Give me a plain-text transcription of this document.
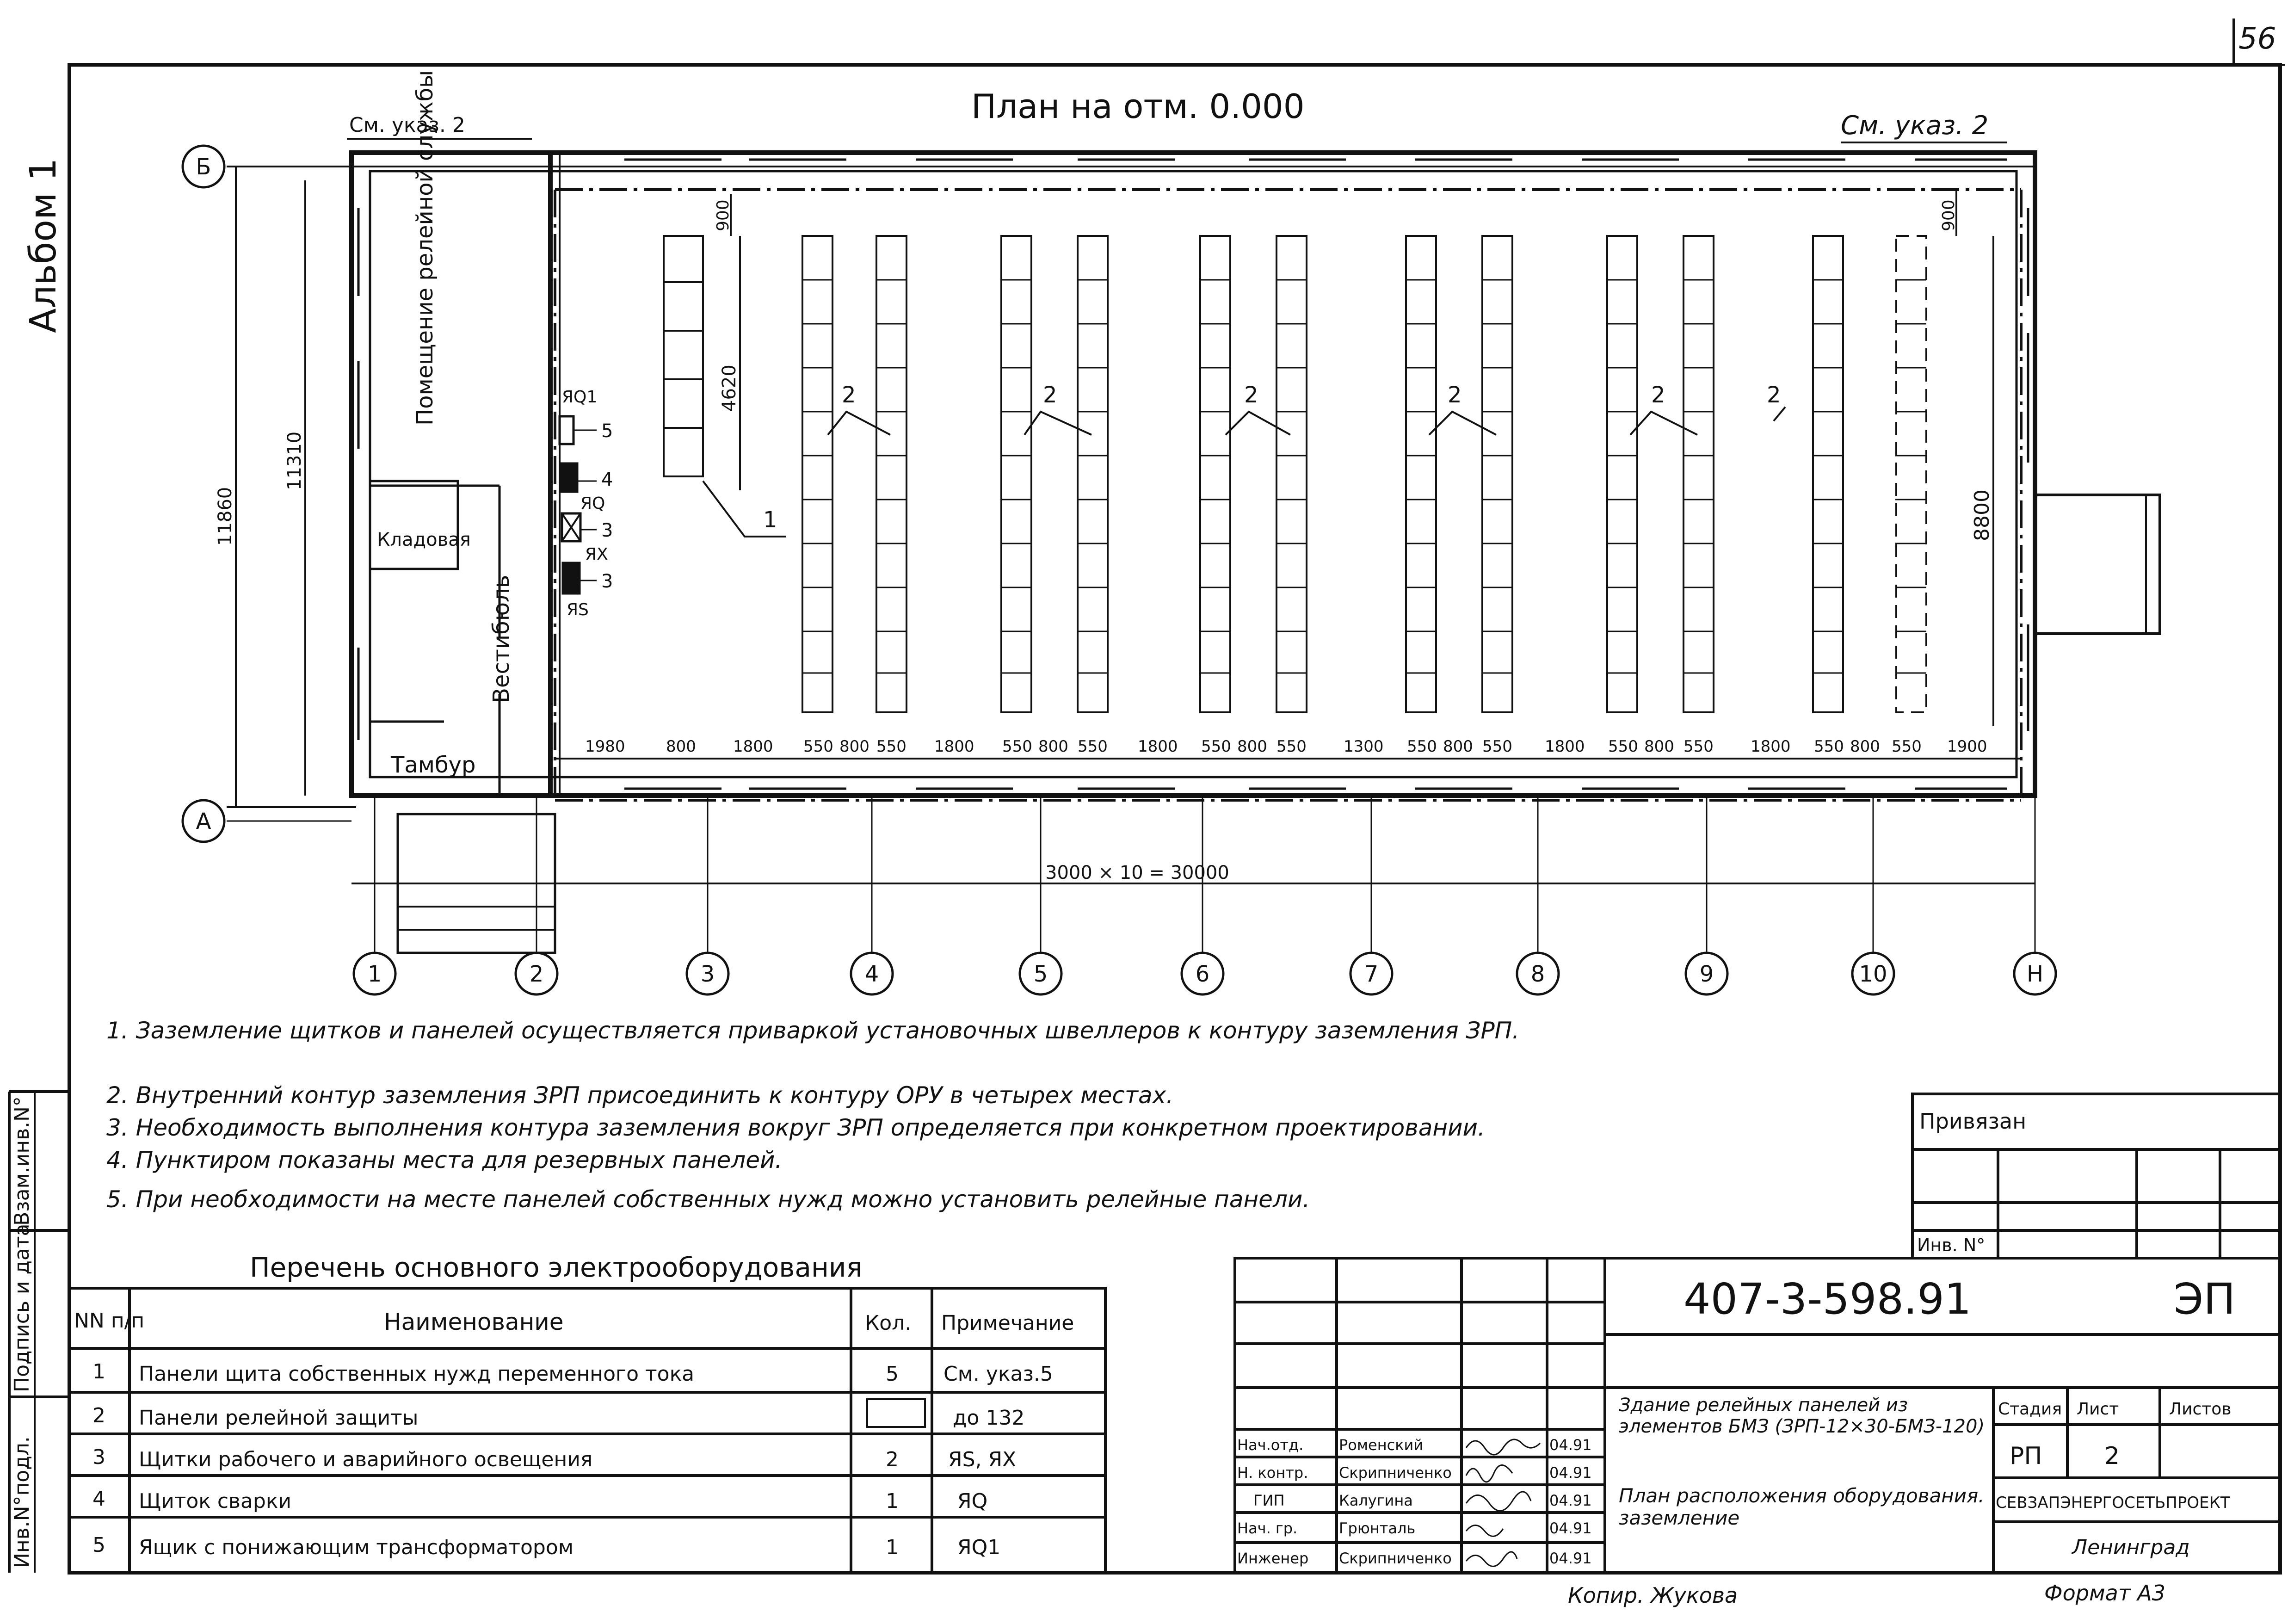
56
Альбом 1
Взам.инв.N°
Подпись и дата
Инв.N°подл.
План на отм. 0.000
См. указ. 2	См. указ. 2
Помещение релейной службы
Кладовая
Вестибюль
Тамбур
ЯQ1
5
4
ЯQ
3
ЯX
3
ЯS
1
2	2	2	2	2	2
11860
11310
900	900
4620
8800
3000 × 10 = 30000
1980	800 1800 550 800 550 1800 550 800 550 1800 550 800 550 1300 550 800 550 1800 550 800 550 1800 550 800 550 1900
1	2	3	4	5	6	7	8	9	10	Н
Б
А
1. Заземление щитков и панелей осуществляется приваркой установочных швеллеров к контуру заземления ЗРП.
2. Внутренний контур заземления ЗРП присоединить к контуру ОРУ в четырех местах.
3. Необходимость выполнения контура заземления вокруг ЗРП определяется при конкретном проектировании.
4. Пунктиром показаны места для резервных панелей.
5. При необходимости на месте панелей собственных нужд можно установить релейные панели.
Перечень основного электрооборудования
NN п/п	Наименование	Кол. Примечание
1 Панели щита собственных нужд переменного тока	5 См. указ.5
2 Панели релейной защиты	до 132
3 Щитки рабочего и аварийного освещения	2 ЯS, ЯX
4 Щиток сварки	1	ЯQ
5 Ящик с понижающим трансформатором	1	ЯQ1
Привязан
Инв. N°
407-3-598.91	ЭП
Здание релейных панелей из элементов БМЗ (ЗРП-12×30-БМЗ-120)
План расположения оборудования. заземление
Стадия Лист	Листов
РП	2
СЕВЗАПЭНЕРГОСЕТЬПРОЕКТ
Ленинград
Нач.отд. Роменский	04.91
Н. контр. Скрипниченко	04.91
ГИП	Калугина	04.91
Нач. гр.	Грюнталь	04.91
Инженер Скрипниченко	04.91
Копир. Жукова	Формат А3
